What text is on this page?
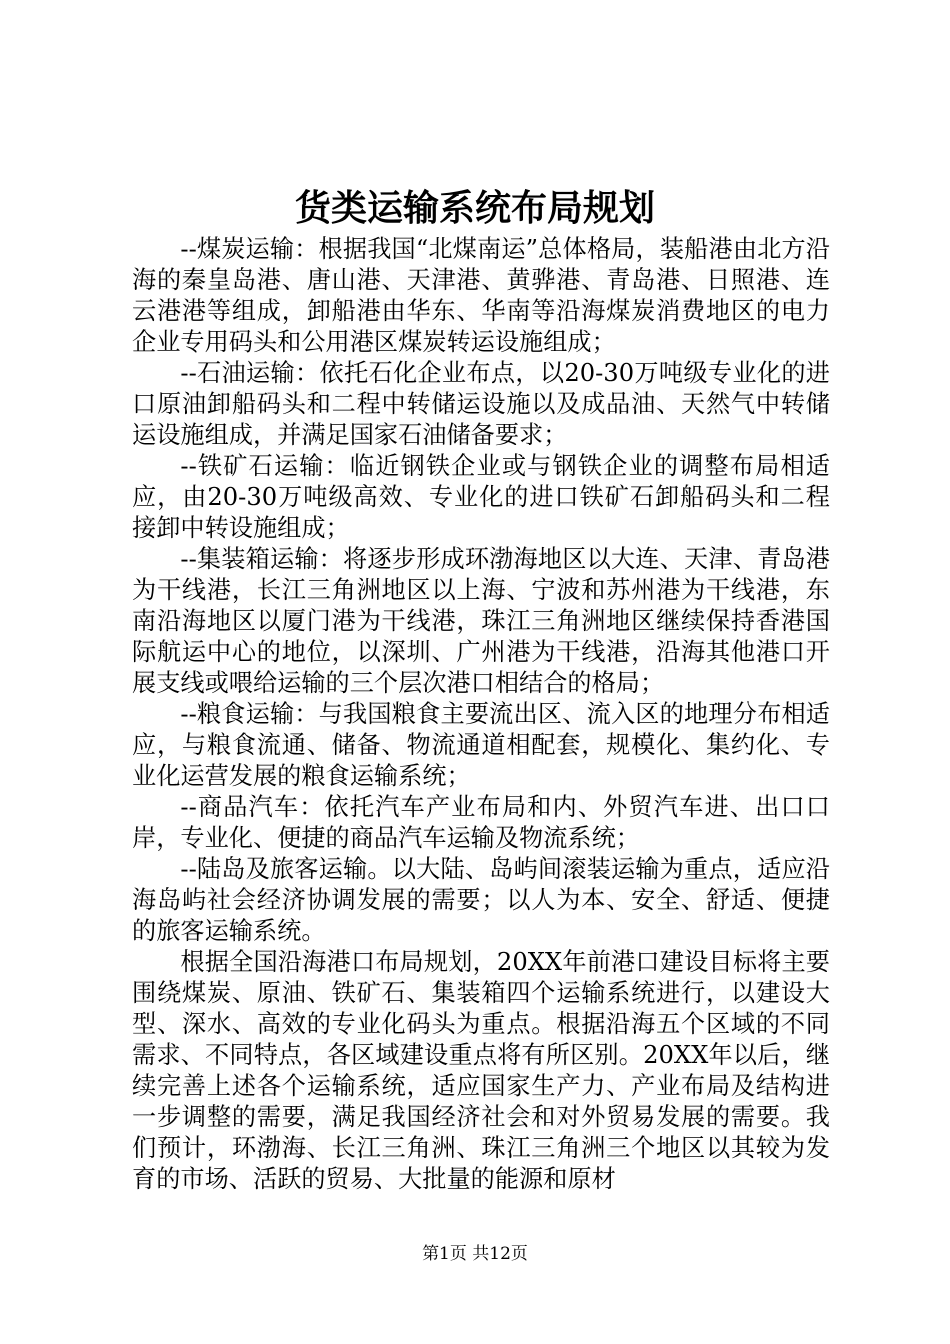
货类运输系统布局规划

--煤炭运输：根据我国“北煤南运”总体格局，装船港由北方沿海的秦皇岛港、唐山港、天津港、黄骅港、青岛港、日照港、连云港港等组成，卸船港由华东、华南等沿海煤炭消费地区的电力企业专用码头和公用港区煤炭转运设施组成；

--石油运输：依托石化企业布点，以20-30万吨级专业化的进口原油卸船码头和二程中转储运设施以及成品油、天然气中转储运设施组成，并满足国家石油储备要求；

--铁矿石运输：临近钢铁企业或与钢铁企业的调整布局相适应，由20-30万吨级高效、专业化的进口铁矿石卸船码头和二程接卸中转设施组成；

--集装箱运输：将逐步形成环渤海地区以大连、天津、青岛港为干线港，长江三角洲地区以上海、宁波和苏州港为干线港，东南沿海地区以厦门港为干线港，珠江三角洲地区继续保持香港国际航运中心的地位，以深圳、广州港为干线港，沿海其他港口开展支线或喂给运输的三个层次港口相结合的格局；

--粮食运输：与我国粮食主要流出区、流入区的地理分布相适应，与粮食流通、储备、物流通道相配套，规模化、集约化、专业化运营发展的粮食运输系统；

--商品汽车：依托汽车产业布局和内、外贸汽车进、出口口岸，专业化、便捷的商品汽车运输及物流系统；

--陆岛及旅客运输。以大陆、岛屿间滚装运输为重点，适应沿海岛屿社会经济协调发展的需要；以人为本、安全、舒适、便捷的旅客运输系统。

根据全国沿海港口布局规划，20XX年前港口建设目标将主要围绕煤炭、原油、铁矿石、集装箱四个运输系统进行，以建设大型、深水、高效的专业化码头为重点。根据沿海五个区域的不同需求、不同特点，各区域建设重点将有所区别。20XX年以后，继续完善上述各个运输系统，适应国家生产力、产业布局及结构进一步调整的需要，满足我国经济社会和对外贸易发展的需要。我们预计，环渤海、长江三角洲、珠江三角洲三个地区以其较为发育的市场、活跃的贸易、大批量的能源和原材

第1页 共12页
